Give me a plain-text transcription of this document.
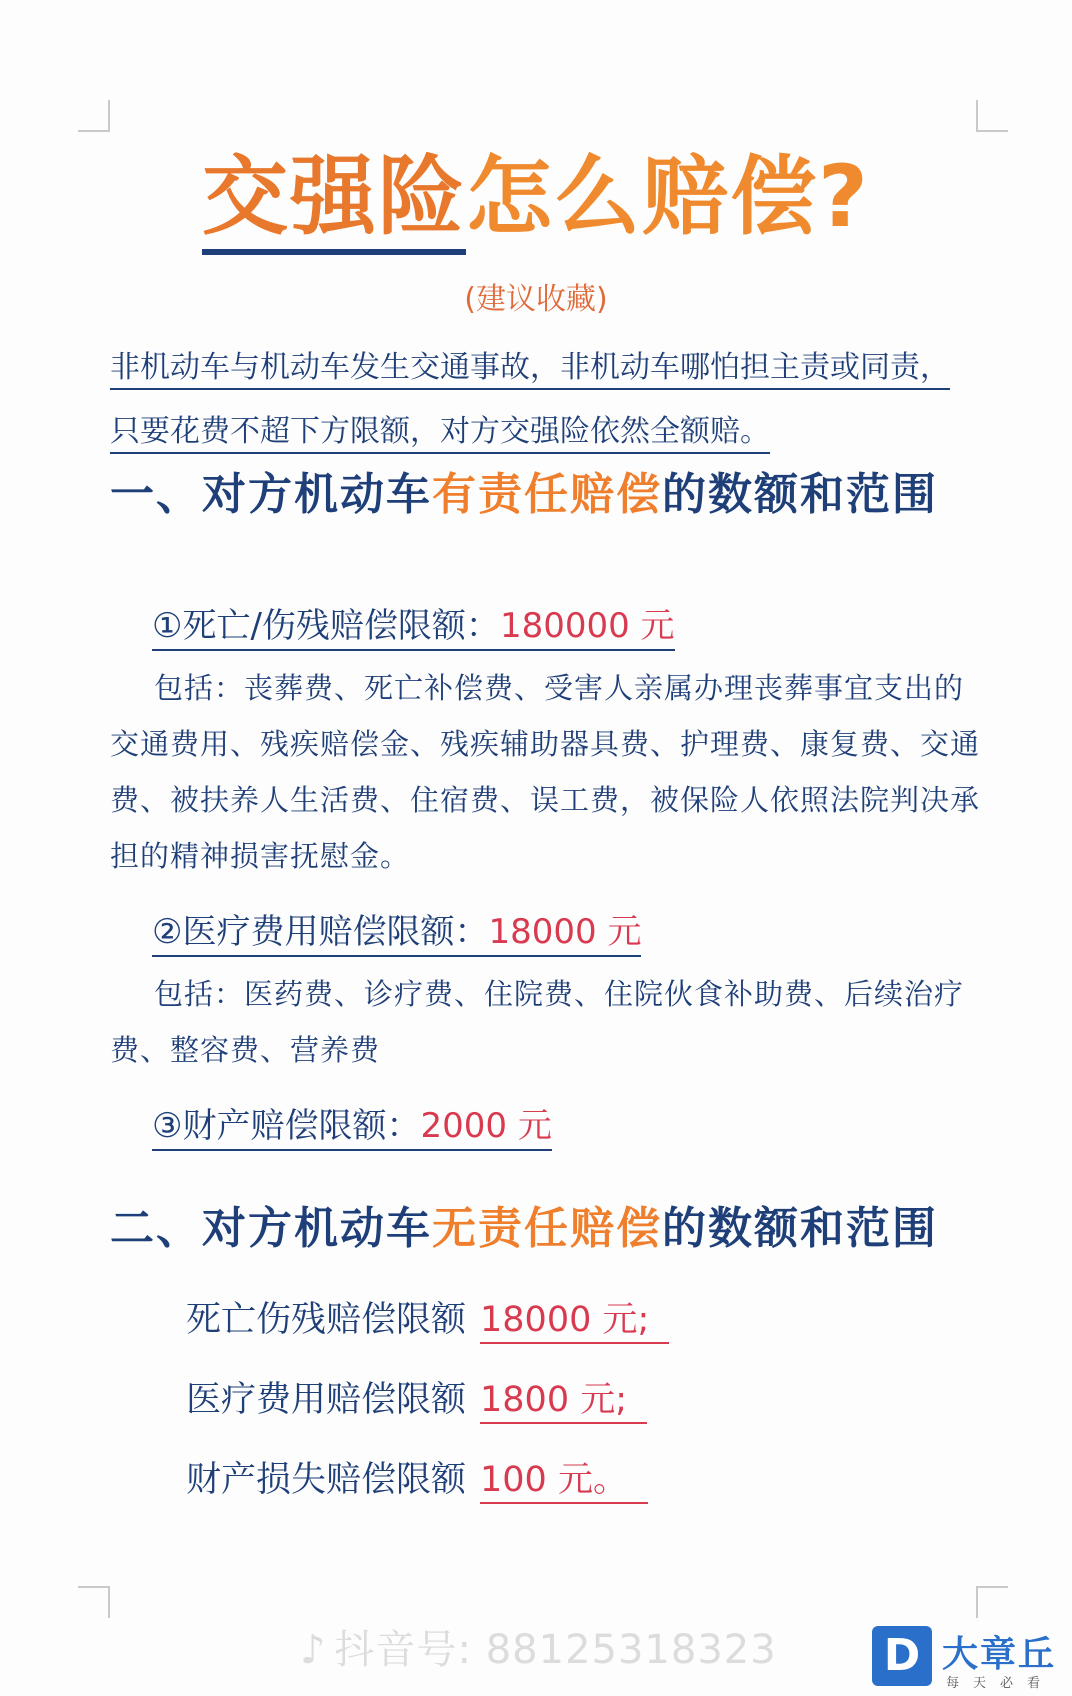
交强险怎么赔偿?
(建议收藏)
非机动车与机动车发生交通事故，非机动车哪怕担主责或同责，
只要花费不超下方限额，对方交强险依然全额赔。
一、对方机动车有责任赔偿的数额和范围
①死亡/伤残赔偿限额：180000 元
包括：丧葬费、死亡补偿费、受害人亲属办理丧葬事宜支出的交通费用、残疾赔偿金、残疾辅助器具费、护理费、康复费、交通费、被扶养人生活费、住宿费、误工费，被保险人依照法院判决承担的精神损害抚慰金。
②医疗费用赔偿限额：18000 元
包括：医药费、诊疗费、住院费、住院伙食补助费、后续治疗费、整容费、营养费
③财产赔偿限额：2000 元
二、对方机动车无责任赔偿的数额和范围
死亡伤残赔偿限额 18000 元;
医疗费用赔偿限额 1800 元;
财产损失赔偿限额 100 元。
♪ 抖音号: 88125318323 D 大章丘
每天必看
